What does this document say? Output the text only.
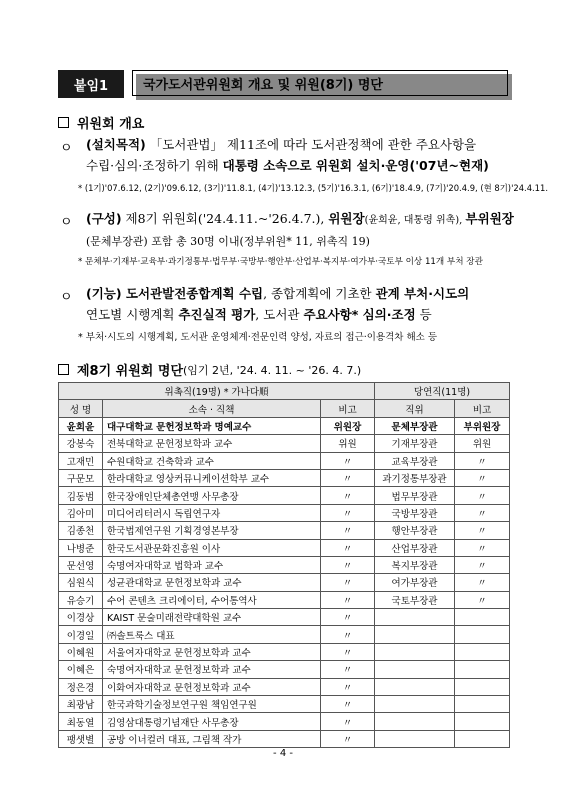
붙임1	국가도서관위원회 개요 및 위원(8기) 명단
위원회 개요
ㅇ (설치목적) 「도서관법」 제11조에 따라 도서관정책에 관한 주요사항을
수립·심의·조정하기 위해 대통령 소속으로 위원회 설치·운영('07년~현재)
* (1기)'07.6.12, (2기)'09.6.12, (3기)'11.8.1, (4기)'13.12.3, (5기)'16.3.1, (6기)'18.4.9, (7기)'20.4.9, (현 8기)'24.4.11.
ㅇ (구성) 제8기 위원회('24.4.11.~'26.4.7.), 위원장(윤희윤, 대통령 위촉), 부위원장
(문체부장관) 포함 총 30명 이내(정부위원* 11, 위촉직 19)
* 문체부·기재부·교육부·과기정통부·법무부·국방부·행안부·산업부·복지부·여가부·국토부 이상 11개 부처 장관
ㅇ (기능) 도서관발전종합계획 수립, 종합계획에 기초한 관계 부처·시도의
연도별 시행계획 추진실적 평가, 도서관 주요사항* 심의·조정 등
* 부처·시도의 시행계획, 도서관 운영체계·전문인력 양성, 자료의 접근·이용격차 해소 등
제8기 위원회 명단 (임기 2년, '24. 4. 11. ~ '26. 4. 7.)
위촉직(19명) * 가나다順			당연직(11명)	
성 명	소속 · 직책	비고	직위	비고
윤희윤	대구대학교 문헌정보학과 명예교수	위원장	문체부장관	부위원장
강봉숙	전북대학교 문헌정보학과 교수	위원	기재부장관	위원
고재민	수원대학교 건축학과 교수	〃	교육부장관	〃
구문모	한라대학교 영상커뮤니케이션학부 교수	〃	과기정통부장관	〃
김동범	한국장애인단체총연맹 사무총장	〃	법무부장관	〃
김아미	미디어리터러시 독립연구자	〃	국방부장관	〃
김종천	한국법제연구원 기획경영본부장	〃	행안부장관	〃
나병준	한국도서관문화진흥원 이사	〃	산업부장관	〃
문선영	숙명여자대학교 법학과 교수	〃	복지부장관	〃
심원식	성균관대학교 문헌정보학과 교수	〃	여가부장관	〃
유승기	수어 콘텐츠 크리에이터, 수어통역사	〃	국토부장관	〃
이경상	KAIST 문술미래전략대학원 교수	〃		
이경일	㈜솔트룩스 대표	〃		
이혜원	서울여자대학교 문헌정보학과 교수	〃		
이혜은	숙명여자대학교 문헌정보학과 교수	〃		
정은경	이화여자대학교 문헌정보학과 교수	〃		
최광남	한국과학기술정보연구원 책임연구원	〃		
최동열	김영삼대통령기념재단 사무총장	〃		
팽샛별	공방 이너컬러 대표, 그림책 작가	〃		
- 4 -
